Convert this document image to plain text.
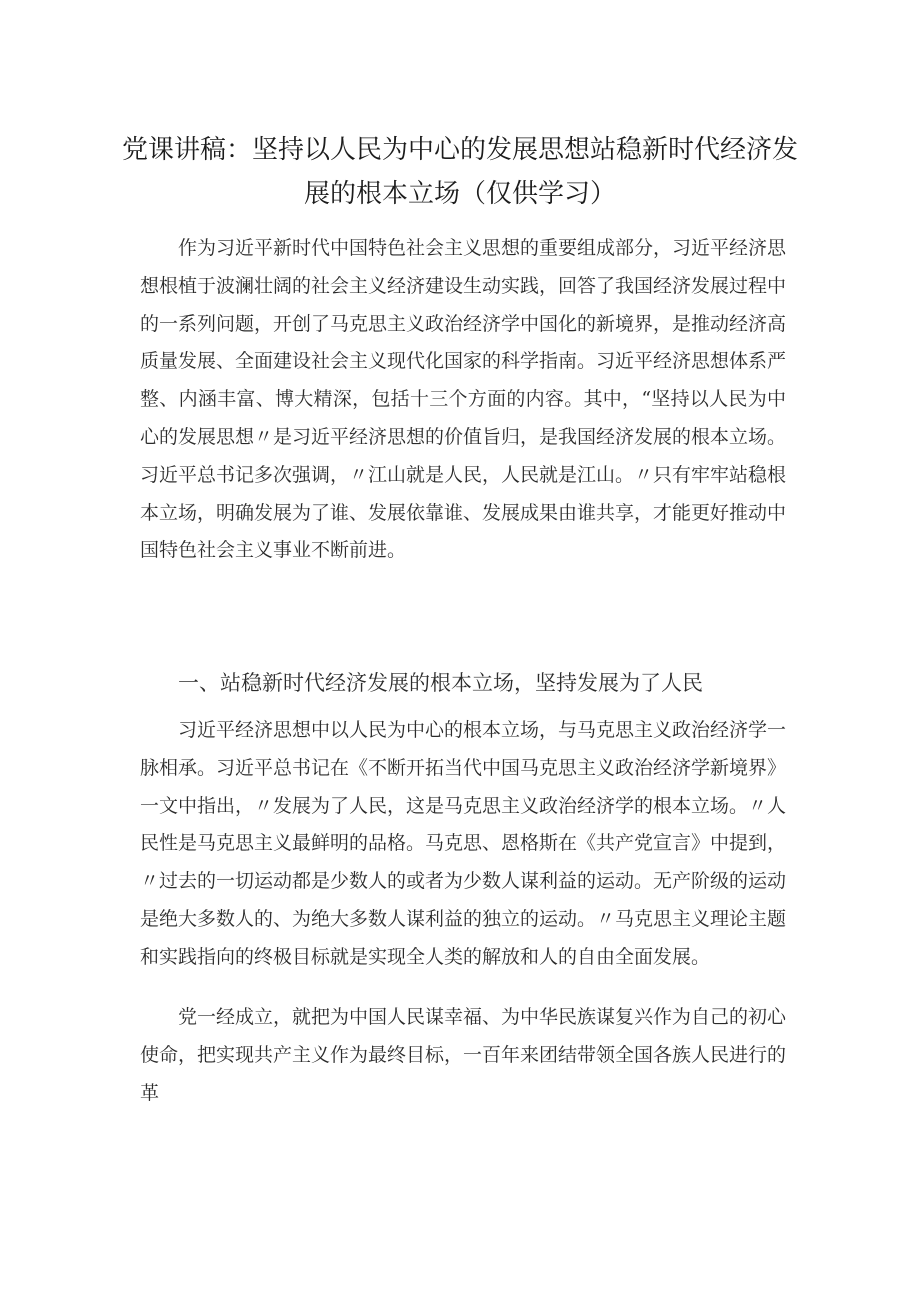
党课讲稿：坚持以人民为中心的发展思想站稳新时代经济发展的根本立场（仅供学习）

作为习近平新时代中国特色社会主义思想的重要组成部分，习近平经济思想根植于波澜壮阔的社会主义经济建设生动实践，回答了我国经济发展过程中的一系列问题，开创了马克思主义政治经济学中国化的新境界，是推动经济高质量发展、全面建设社会主义现代化国家的科学指南。习近平经济思想体系严整、内涵丰富、博大精深，包括十三个方面的内容。其中，“坚持以人民为中心的发展思想〃是习近平经济思想的价值旨归，是我国经济发展的根本立场。习近平总书记多次强调，〃江山就是人民，人民就是江山。〃只有牢牢站稳根本立场，明确发展为了谁、发展依靠谁、发展成果由谁共享，才能更好推动中国特色社会主义事业不断前进。

一、站稳新时代经济发展的根本立场，坚持发展为了人民

习近平经济思想中以人民为中心的根本立场，与马克思主义政治经济学一脉相承。习近平总书记在《不断开拓当代中国马克思主义政治经济学新境界》一文中指出，〃发展为了人民，这是马克思主义政治经济学的根本立场。〃人民性是马克思主义最鲜明的品格。马克思、恩格斯在《共产党宣言》中提到，〃过去的一切运动都是少数人的或者为少数人谋利益的运动。无产阶级的运动是绝大多数人的、为绝大多数人谋利益的独立的运动。〃马克思主义理论主题和实践指向的终极目标就是实现全人类的解放和人的自由全面发展。

党一经成立，就把为中国人民谋幸福、为中华民族谋复兴作为自己的初心使命，把实现共产主义作为最终目标，一百年来团结带领全国各族人民进行的革
